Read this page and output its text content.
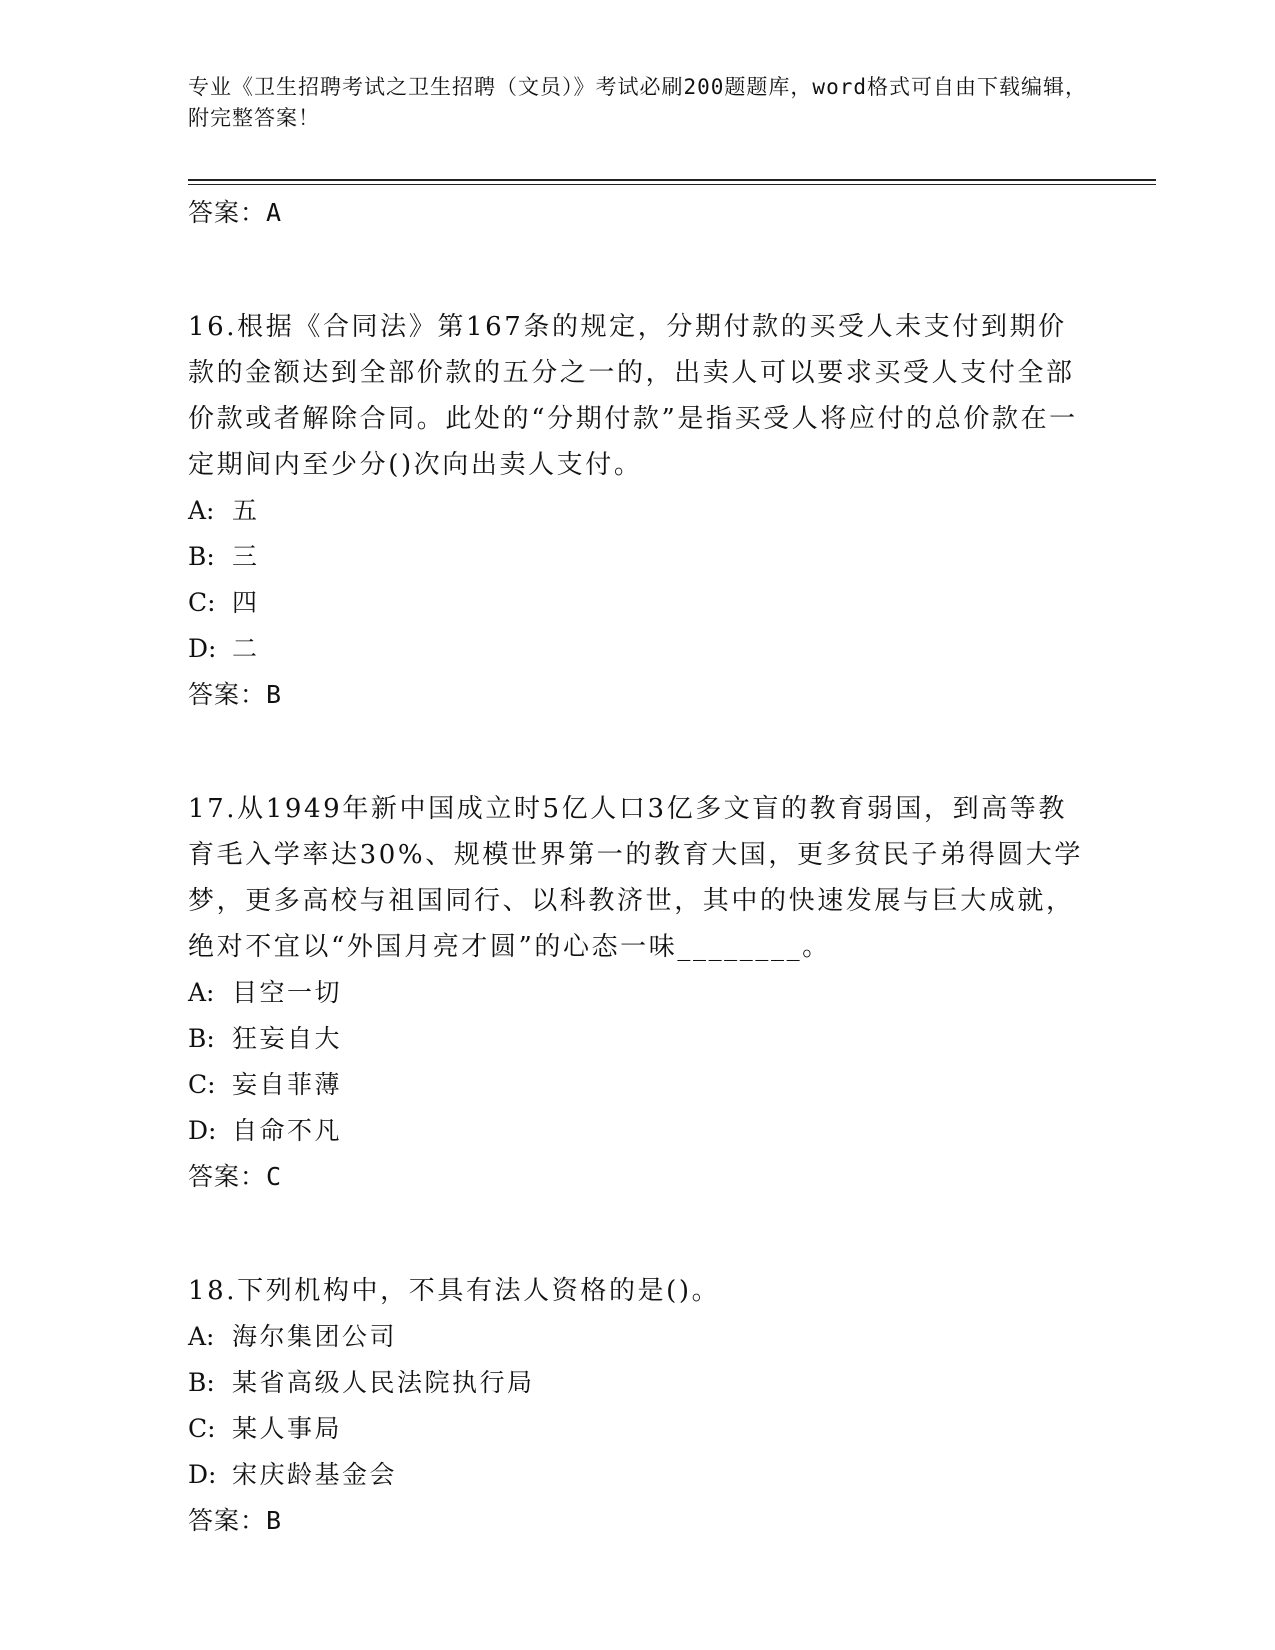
专业《卫生招聘考试之卫生招聘（文员）》考试必刷200题题库，word格式可自由下载编辑，附完整答案！
答案：A

16.根据《合同法》第167条的规定，分期付款的买受人未支付到期价款的金额达到全部价款的五分之一的，出卖人可以要求买受人支付全部价款或者解除合同。此处的“分期付款”是指买受人将应付的总价款在一定期间内至少分()次向出卖人支付。

A: 五
B: 三
C: 四
D: 二
答案：B

17.从1949年新中国成立时5亿人口3亿多文盲的教育弱国，到高等教育毛入学率达30%、规模世界第一的教育大国，更多贫民子弟得圆大学梦，更多高校与祖国同行、以科教济世，其中的快速发展与巨大成就，绝对不宜以“外国月亮才圆”的心态一味________。

A: 目空一切
B: 狂妄自大
C: 妄自菲薄
D: 自命不凡
答案：C

18.下列机构中，不具有法人资格的是()。

A: 海尔集团公司
B: 某省高级人民法院执行局
C: 某人事局
D: 宋庆龄基金会
答案：B
